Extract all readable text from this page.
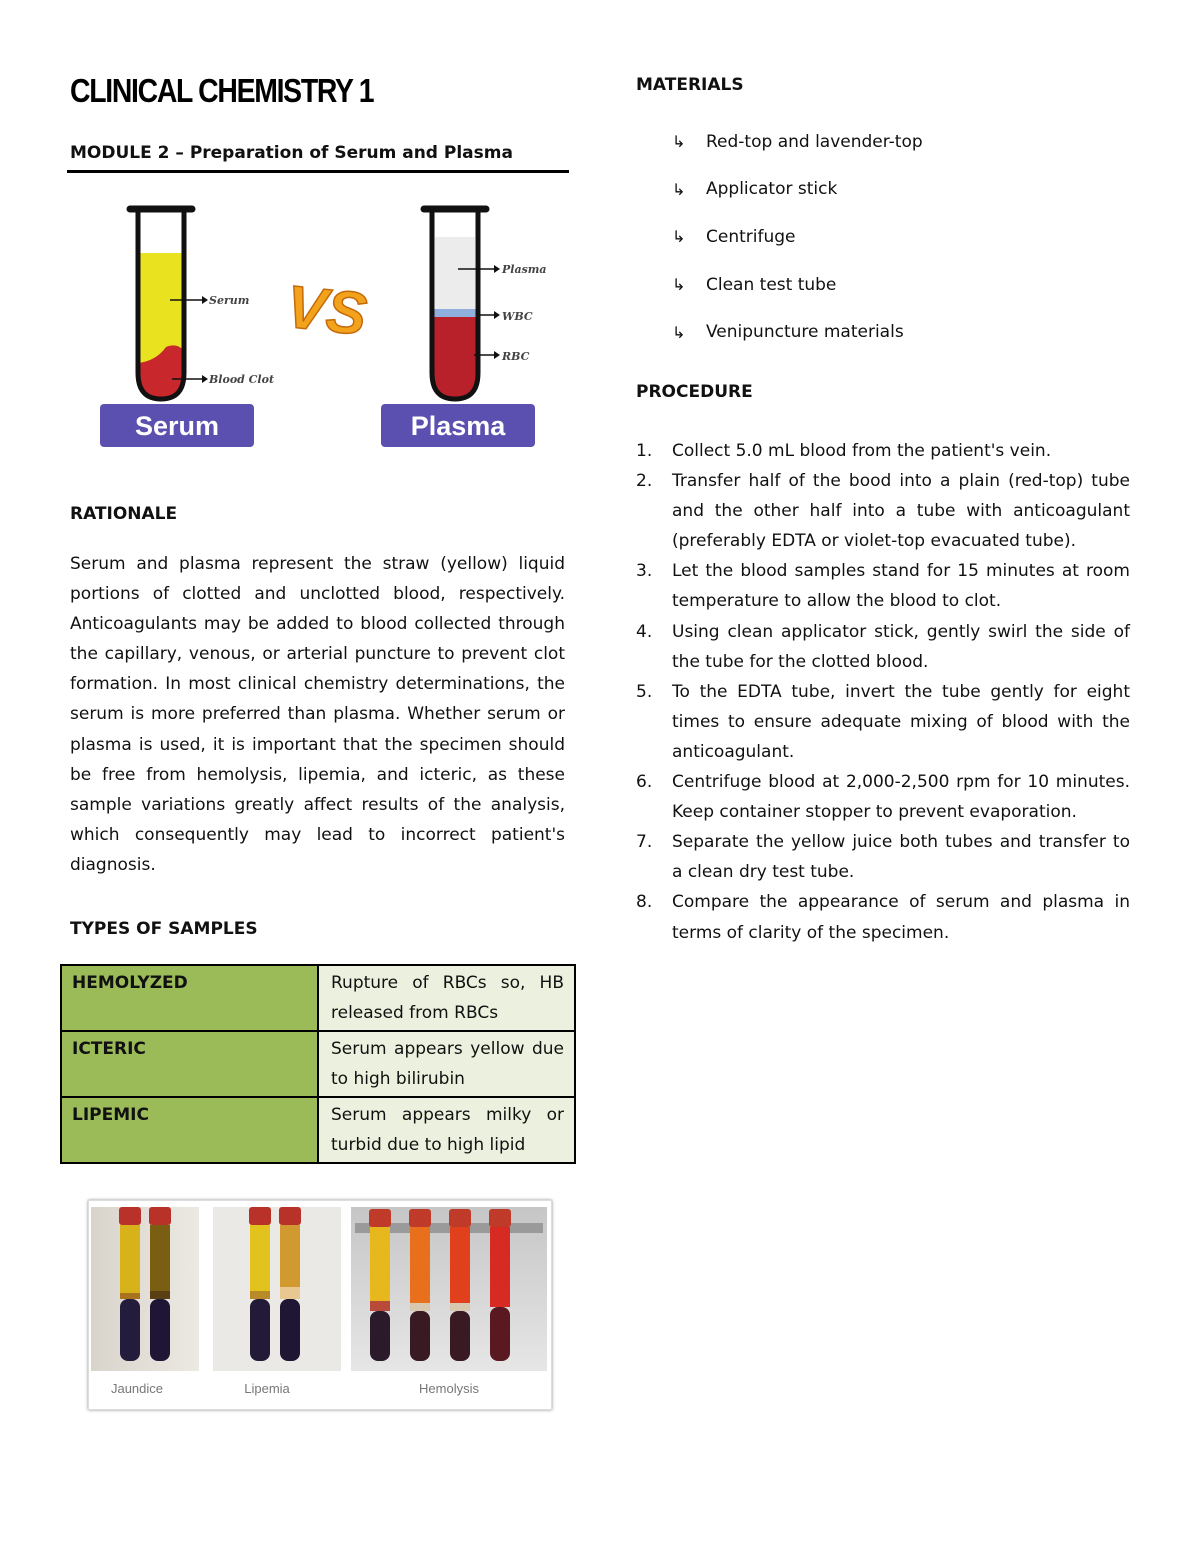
CLINICAL CHEMISTRY 1
MODULE 2 – Preparation of Serum and Plasma
Serum
Blood Clot
VS
Plasma
WBC
RBC
Serum	Plasma
RATIONALE
Serum and plasma represent the straw (yellow) liquid portions of clotted and unclotted blood, respectively. Anticoagulants may be added to blood collected through the capillary, venous, or arterial puncture to prevent clot formation. In most clinical chemistry determinations, the serum is more preferred than plasma. Whether serum or plasma is used, it is important that the specimen should be free from hemolysis, lipemia, and icteric, as these sample variations greatly affect results of the analysis, which consequently may lead to incorrect patient's diagnosis.
TYPES OF SAMPLES
HEMOLYZED	Rupture of RBCs so, HB released from RBCs
ICTERIC	Serum appears yellow due to high bilirubin
LIPEMIC	Serum appears milky or turbid due to high lipid
Jaundice	Lipemia	Hemolysis
MATERIALS
↳	Red-top and lavender-top
↳	Applicator stick
↳	Centrifuge
↳	Clean test tube
↳	Venipuncture materials
PROCEDURE
1.	Collect 5.0 mL blood from the patient's vein.
2.	Transfer half of the bood into a plain (red-top) tube and the other half into a tube with anticoagulant (preferably EDTA or violet-top evacuated tube).
3.	Let the blood samples stand for 15 minutes at room temperature to allow the blood to clot.
4.	Using clean applicator stick, gently swirl the side of the tube for the clotted blood.
5.	To the EDTA tube, invert the tube gently for eight times to ensure adequate mixing of blood with the anticoagulant.
6.	Centrifuge blood at 2,000-2,500 rpm for 10 minutes. Keep container stopper to prevent evaporation.
7.	Separate the yellow juice both tubes and transfer to a clean dry test tube.
8.	Compare the appearance of serum and plasma in terms of clarity of the specimen.
